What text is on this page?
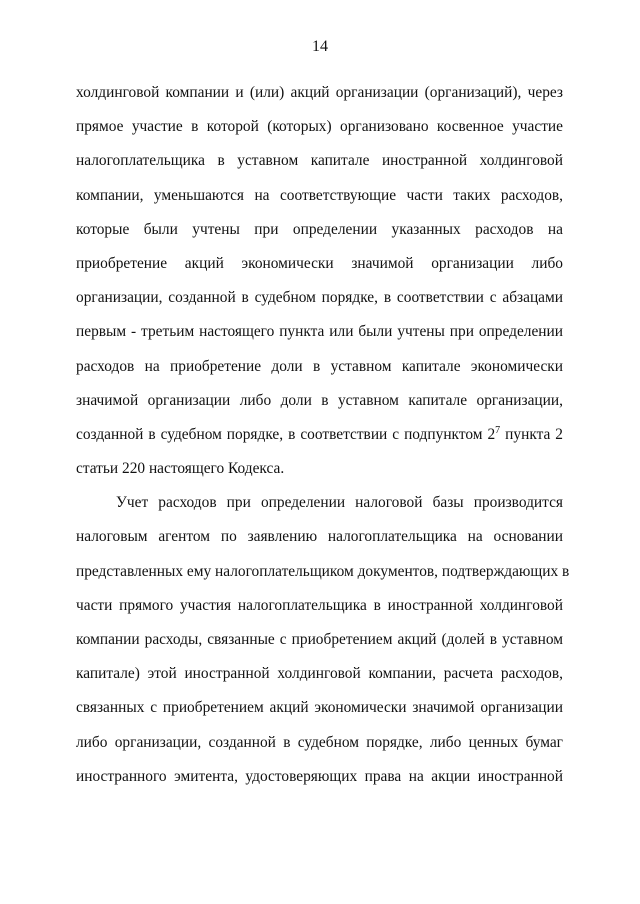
14
холдинговой компании и (или) акций организации (организаций), через
прямое участие в которой (которых) организовано косвенное участие
налогоплательщика в уставном капитале иностранной холдинговой
компании, уменьшаются на соответствующие части таких расходов,
которые были учтены при определении указанных расходов на
приобретение акций экономически значимой организации либо
организации, созданной в судебном порядке, в соответствии с абзацами
первым - третьим настоящего пункта или были учтены при определении
расходов на приобретение доли в уставном капитале экономически
значимой организации либо доли в уставном капитале организации,
созданной в судебном порядке, в соответствии с подпунктом $2^7$ пункта 2
статьи 220 настоящего Кодекса.
Учет расходов при определении налоговой базы производится
налоговым агентом по заявлению налогоплательщика на основании
представленных ему налогоплательщиком документов, подтверждающих в
части прямого участия налогоплательщика в иностранной холдинговой
компании расходы, связанные с приобретением акций (долей в уставном
капитале) этой иностранной холдинговой компании, расчета расходов,
связанных с приобретением акций экономически значимой организации
либо организации, созданной в судебном порядке, либо ценных бумаг
иностранного эмитента, удостоверяющих права на акции иностранной
